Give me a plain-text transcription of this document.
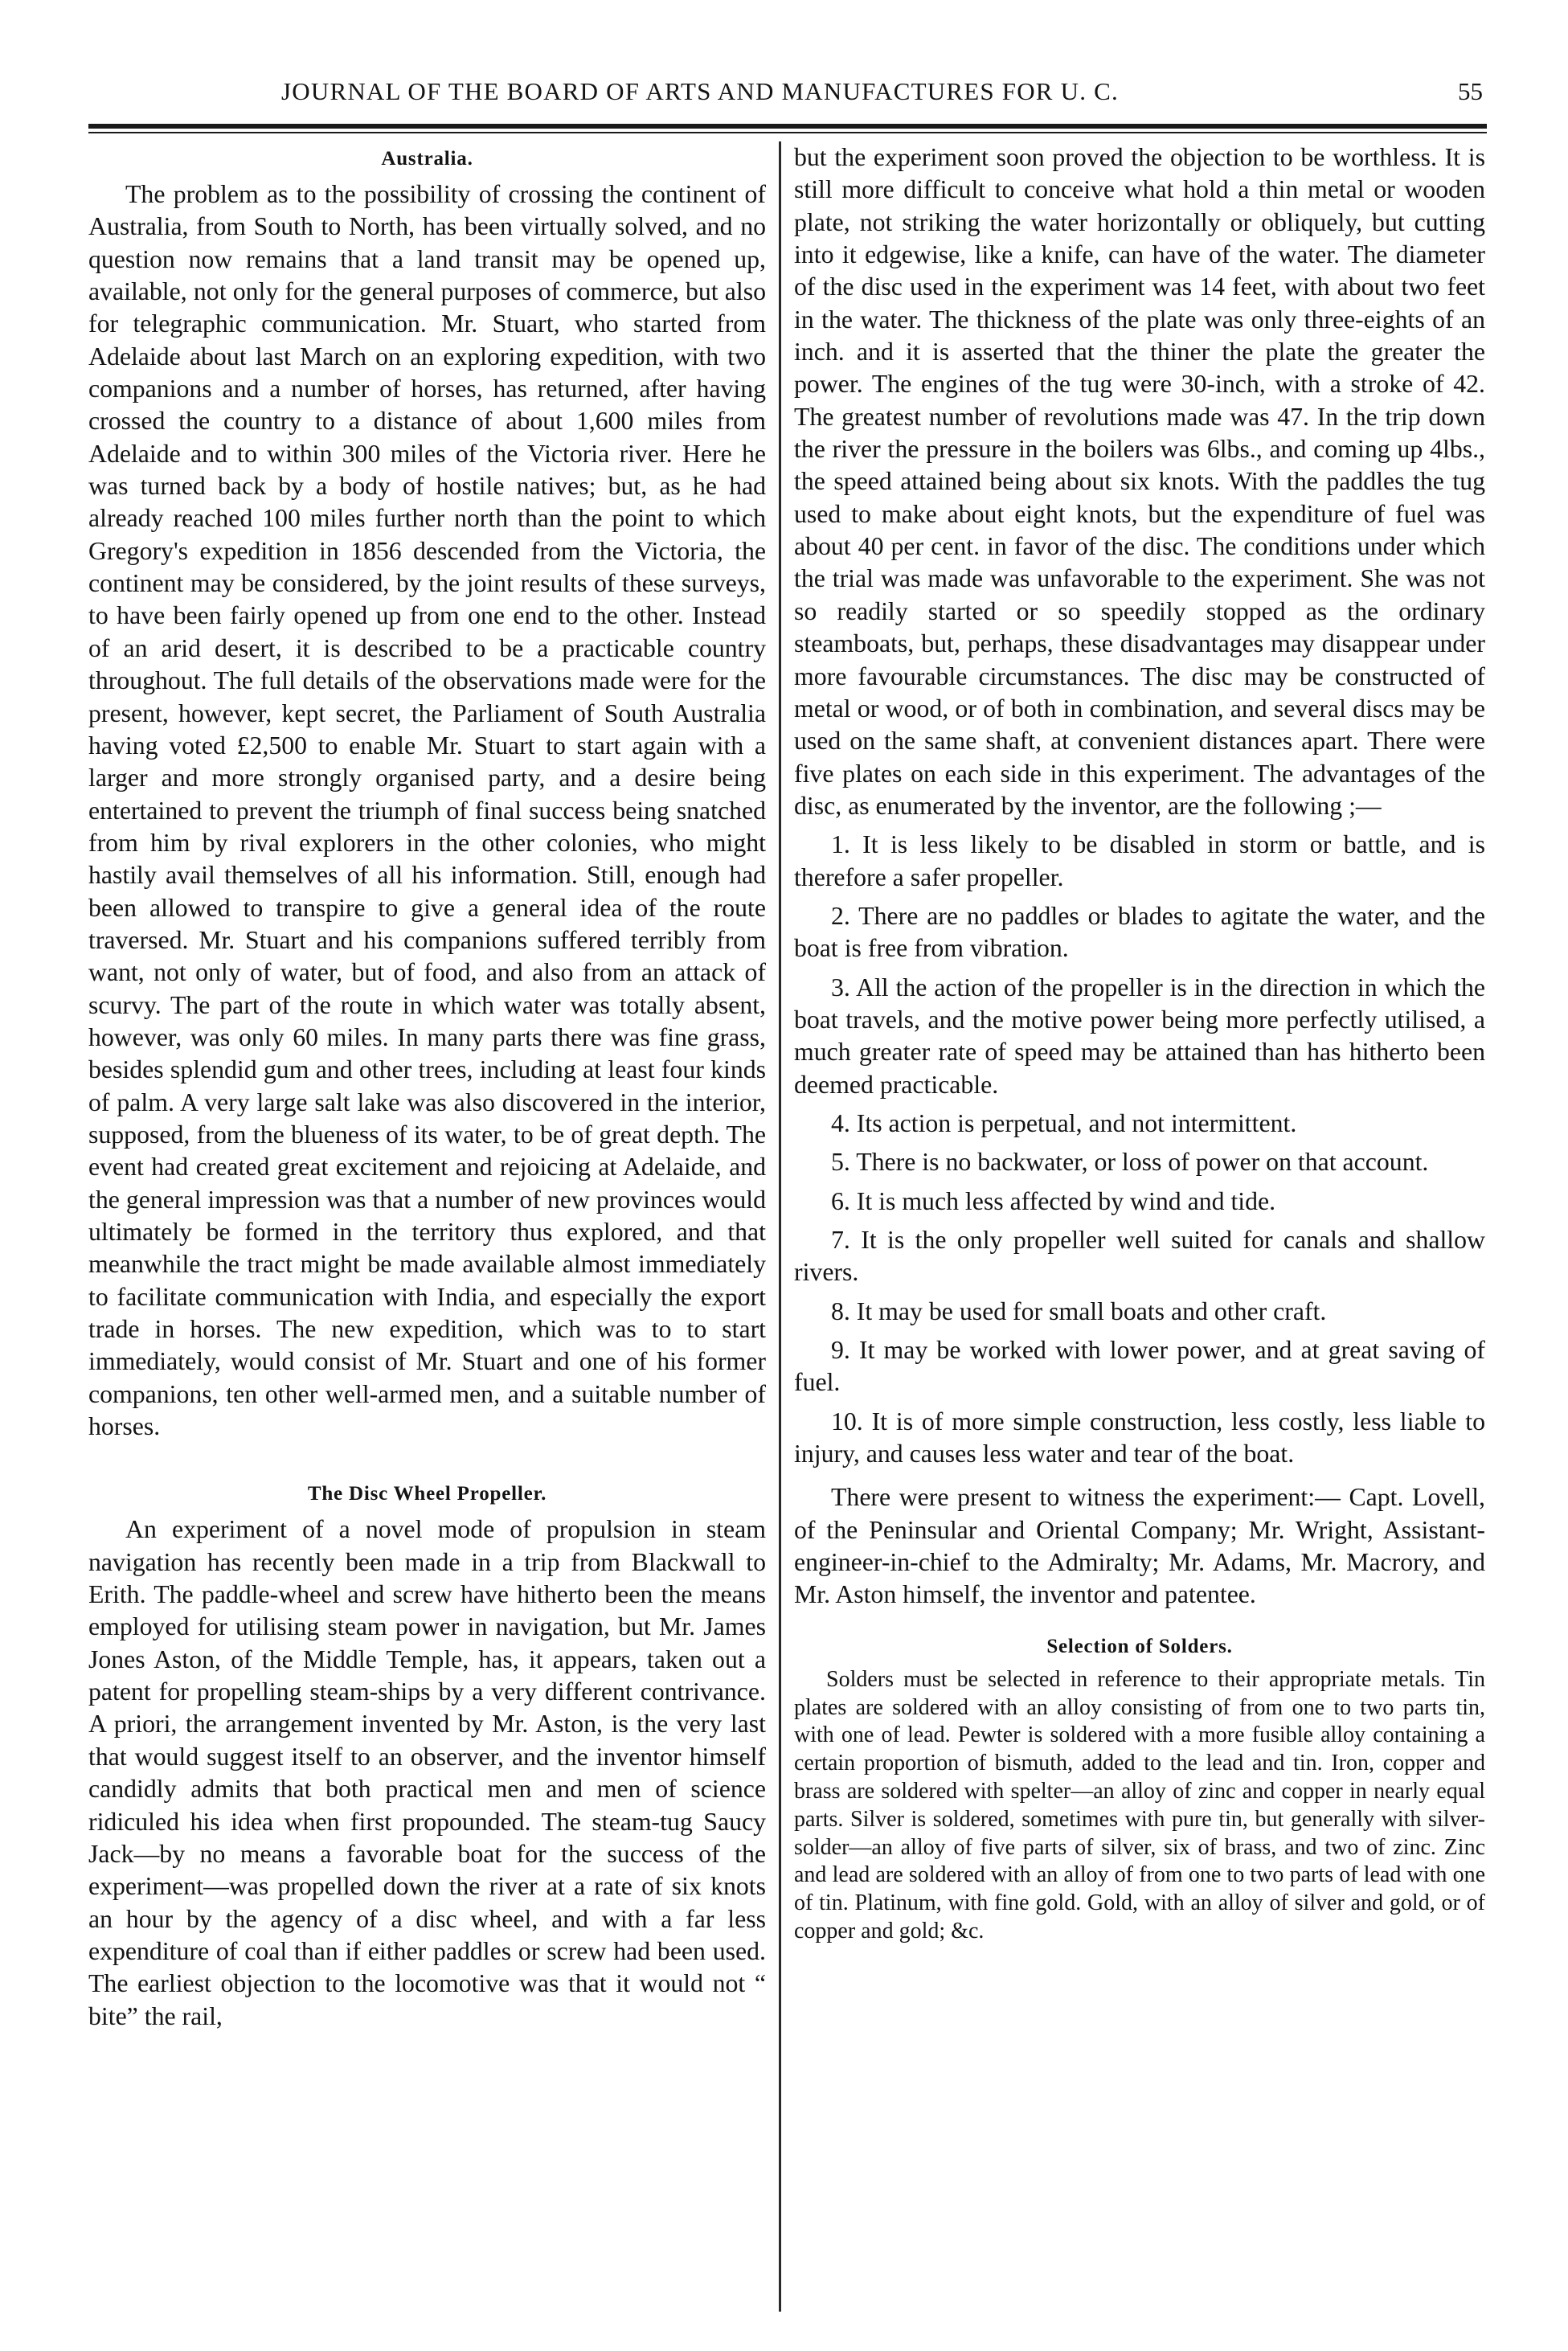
JOURNAL OF THE BOARD OF ARTS AND MANUFACTURES FOR U. C.	55
Australia.

The problem as to the possibility of crossing the continent of Australia, from South to North, has been virtually solved, and no question now remains that a land transit may be opened up, available, not only for the general purposes of commerce, but also for telegraphic communication. Mr. Stuart, who started from Adelaide about last March on an exploring expedition, with two companions and a number of horses, has returned, after having crossed the country to a distance of about 1,600 miles from Adelaide and to within 300 miles of the Victoria river. Here he was turned back by a body of hostile natives; but, as he had already reached 100 miles further north than the point to which Gregory's expedition in 1856 descended from the Victoria, the continent may be considered, by the joint results of these surveys, to have been fairly opened up from one end to the other. Instead of an arid desert, it is described to be a practicable country throughout. The full details of the observations made were for the present, however, kept secret, the Parliament of South Australia having voted £2,500 to enable Mr. Stuart to start again with a larger and more strongly organised party, and a desire being entertained to prevent the triumph of final success being snatched from him by rival explorers in the other colonies, who might hastily avail themselves of all his information. Still, enough had been allowed to transpire to give a general idea of the route traversed. Mr. Stuart and his companions suffered terribly from want, not only of water, but of food, and also from an attack of scurvy. The part of the route in which water was totally absent, however, was only 60 miles. In many parts there was fine grass, besides splendid gum and other trees, including at least four kinds of palm. A very large salt lake was also discovered in the interior, supposed, from the blueness of its water, to be of great depth. The event had created great excitement and rejoicing at Adelaide, and the general impression was that a number of new provinces would ultimately be formed in the territory thus explored, and that meanwhile the tract might be made available almost immediately to facilitate communication with India, and especially the export trade in horses. The new expedition, which was to to start immediately, would consist of Mr. Stuart and one of his former companions, ten other well-armed men, and a suitable number of horses.

The Disc Wheel Propeller.

An experiment of a novel mode of propulsion in steam navigation has recently been made in a trip from Blackwall to Erith. The paddle-wheel and screw have hitherto been the means employed for utilising steam power in navigation, but Mr. James Jones Aston, of the Middle Temple, has, it appears, taken out a patent for propelling steam-ships by a very different contrivance. A priori, the arrangement invented by Mr. Aston, is the very last that would suggest itself to an observer, and the inventor himself candidly admits that both practical men and men of science ridiculed his idea when first propounded. The steam-tug Saucy Jack—by no means a favorable boat for the success of the experiment—was propelled down the river at a rate of six knots an hour by the agency of a disc wheel, and with a far less expenditure of coal than if either paddles or screw had been used. The earliest objection to the locomotive was that it would not “ bite” the rail,

but the experiment soon proved the objection to be worthless. It is still more difficult to conceive what hold a thin metal or wooden plate, not striking the water horizontally or obliquely, but cutting into it edgewise, like a knife, can have of the water. The diameter of the disc used in the experiment was 14 feet, with about two feet in the water. The thickness of the plate was only three-eights of an inch. and it is asserted that the thiner the plate the greater the power. The engines of the tug were 30-inch, with a stroke of 42. The greatest number of revolutions made was 47. In the trip down the river the pressure in the boilers was 6lbs., and coming up 4lbs., the speed attained being about six knots. With the paddles the tug used to make about eight knots, but the expenditure of fuel was about 40 per cent. in favor of the disc. The conditions under which the trial was made was unfavorable to the experiment. She was not so readily started or so speedily stopped as the ordinary steamboats, but, perhaps, these disadvantages may disappear under more favourable circumstances. The disc may be constructed of metal or wood, or of both in combination, and several discs may be used on the same shaft, at convenient distances apart. There were five plates on each side in this experiment. The advantages of the disc, as enumerated by the inventor, are the following ;—

1. It is less likely to be disabled in storm or battle, and is therefore a safer propeller.

2. There are no paddles or blades to agitate the water, and the boat is free from vibration.

3. All the action of the propeller is in the direction in which the boat travels, and the motive power being more perfectly utilised, a much greater rate of speed may be attained than has hitherto been deemed practicable.

4. Its action is perpetual, and not intermittent.

5. There is no backwater, or loss of power on that account.

6. It is much less affected by wind and tide.

7. It is the only propeller well suited for canals and shallow rivers.

8. It may be used for small boats and other craft.

9. It may be worked with lower power, and at great saving of fuel.

10. It is of more simple construction, less costly, less liable to injury, and causes less water and tear of the boat.

There were present to witness the experiment:— Capt. Lovell, of the Peninsular and Oriental Company; Mr. Wright, Assistant-engineer-in-chief to the Admiralty; Mr. Adams, Mr. Macrory, and Mr. Aston himself, the inventor and patentee.

Selection of Solders.

Solders must be selected in reference to their appropriate metals. Tin plates are soldered with an alloy consisting of from one to two parts tin, with one of lead. Pewter is soldered with a more fusible alloy containing a certain proportion of bismuth, added to the lead and tin. Iron, copper and brass are soldered with spelter—an alloy of zinc and copper in nearly equal parts. Silver is soldered, sometimes with pure tin, but generally with silver-solder—an alloy of five parts of silver, six of brass, and two of zinc. Zinc and lead are soldered with an alloy of from one to two parts of lead with one of tin. Platinum, with fine gold. Gold, with an alloy of silver and gold, or of copper and gold; &c.
